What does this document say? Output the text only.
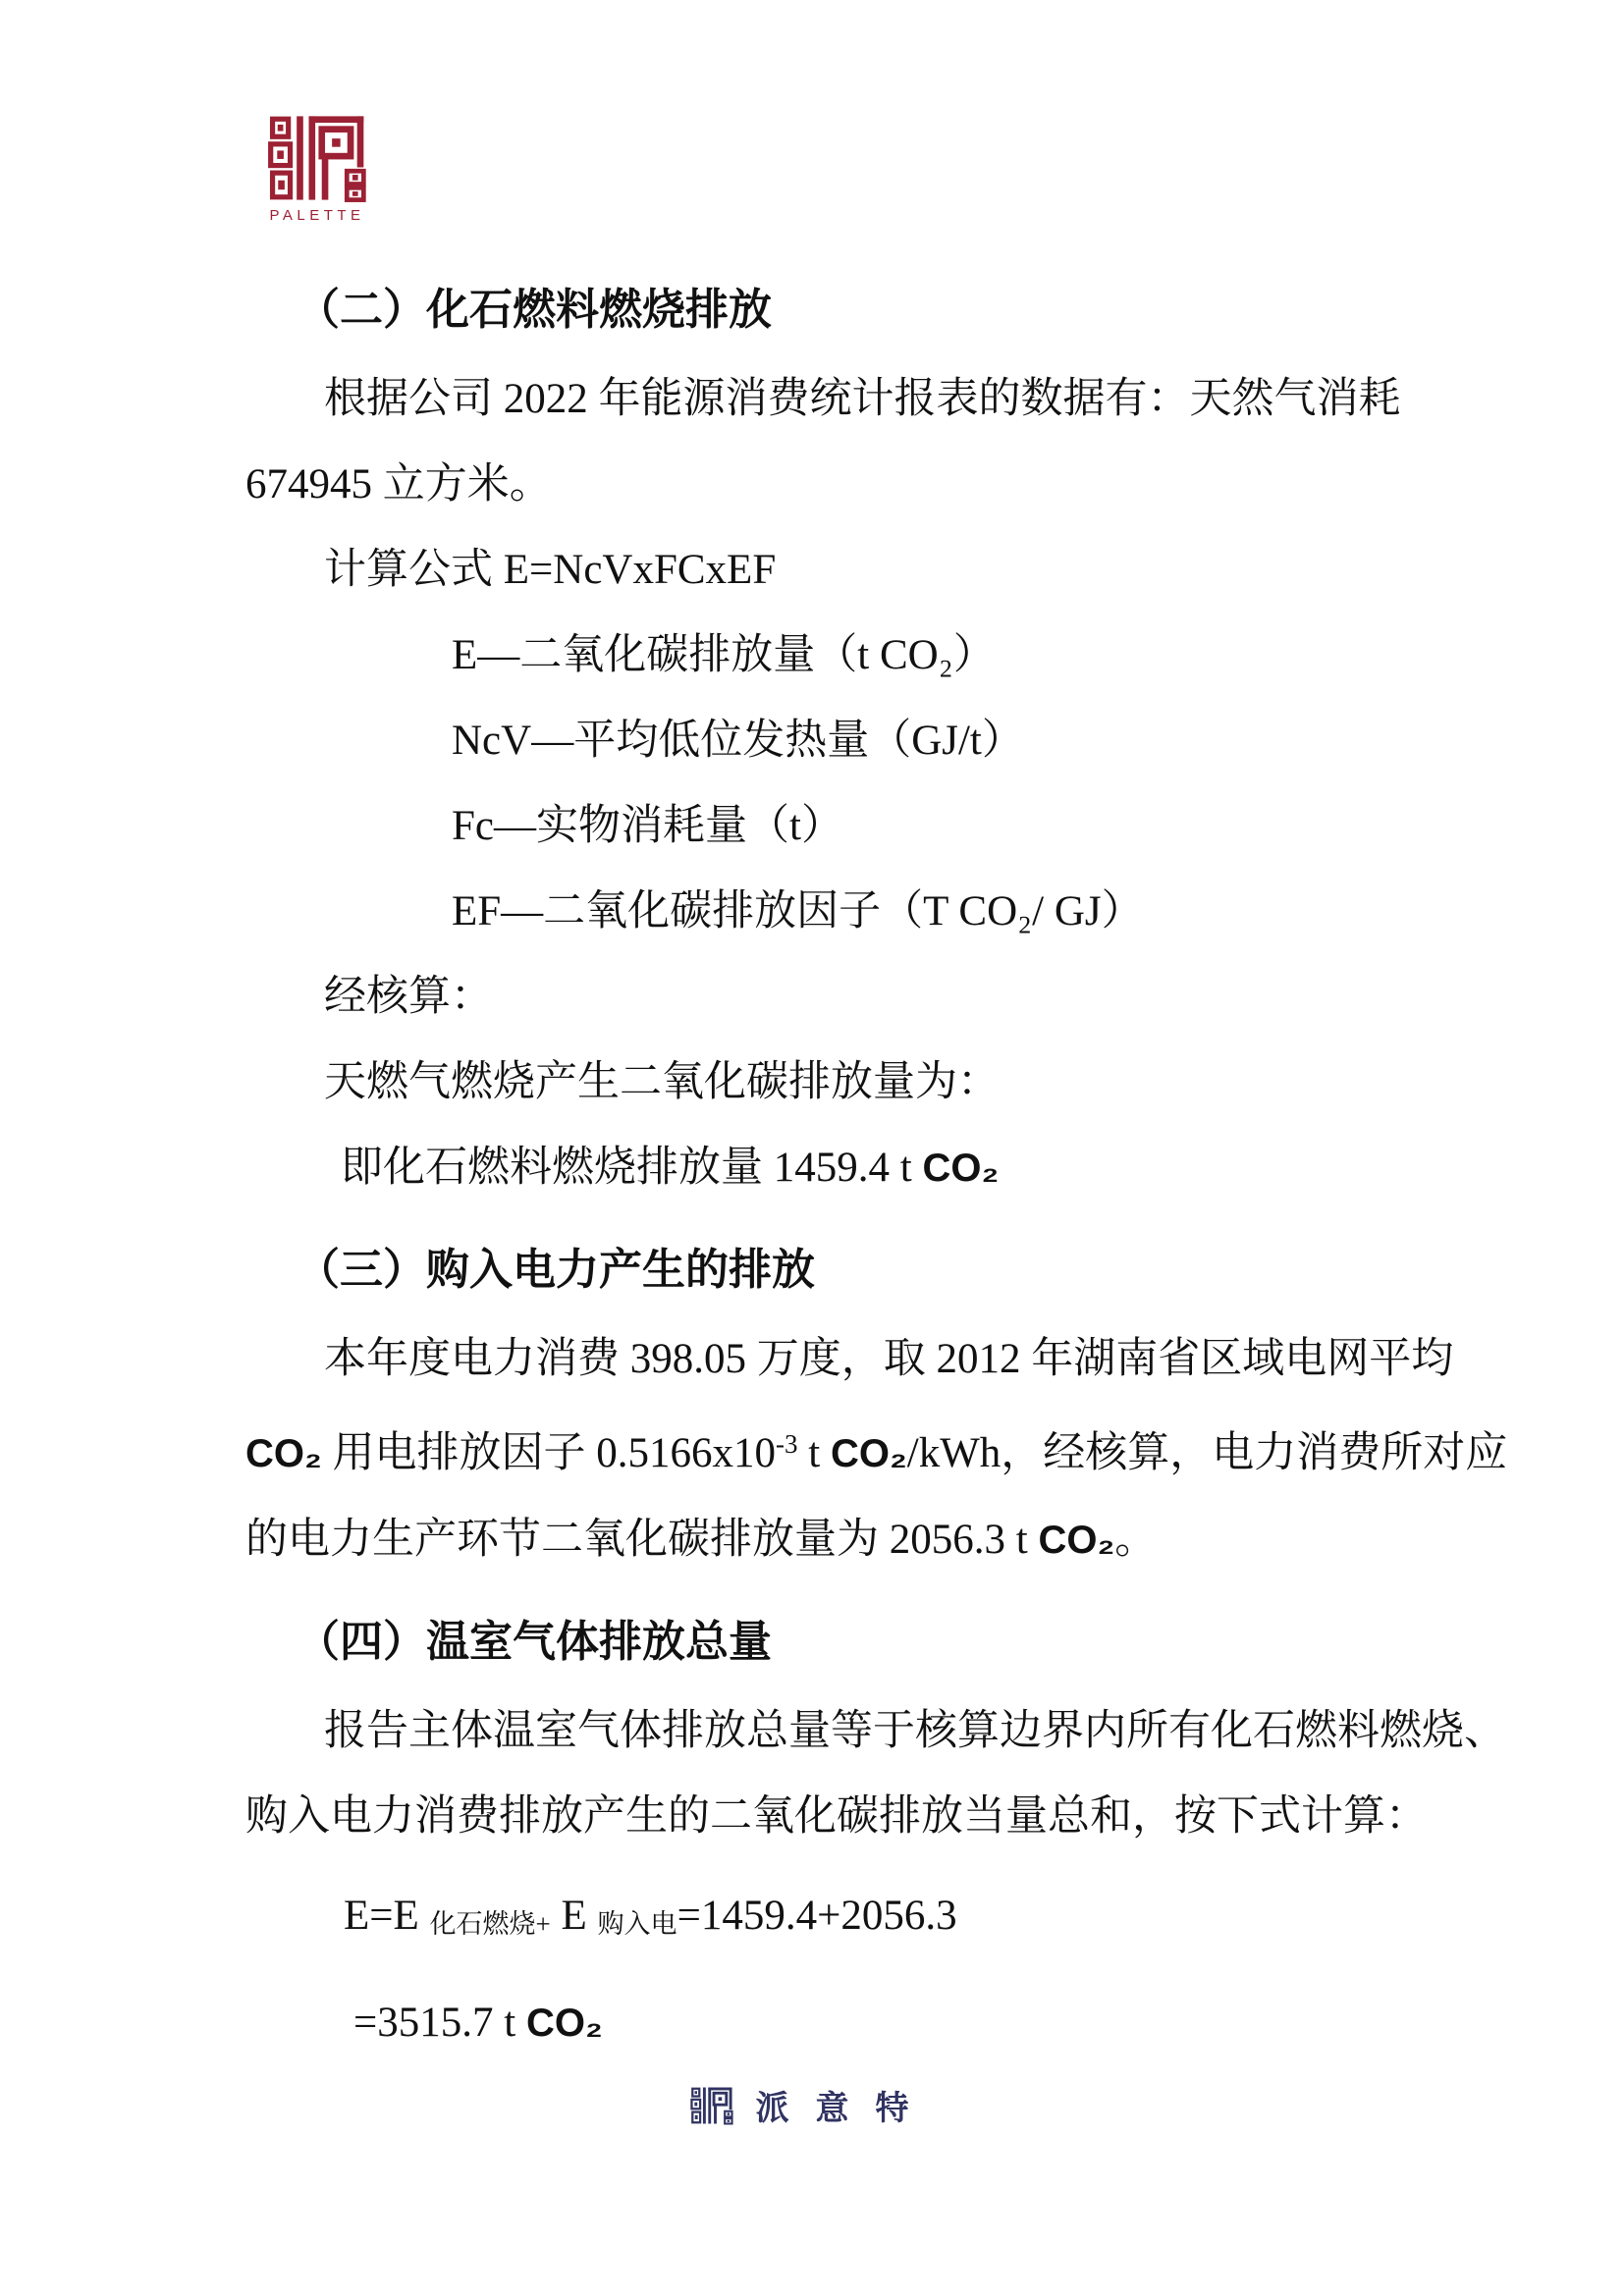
PALETTE
（二）化石燃料燃烧排放
根据公司 2022 年能源消费统计报表的数据有：天然气消耗
674945 立方米。
计算公式 E=NcVxFCxEF
E—二氧化碳排放量（t CO₂）
NcV—平均低位发热量（GJ/t）
Fc—实物消耗量（t）
EF—二氧化碳排放因子（T CO₂/ GJ）
经核算：
天燃气燃烧产生二氧化碳排放量为：
即化石燃料燃烧排放量 1459.4 t CO₂
（三）购入电力产生的排放
本年度电力消费 398.05 万度，取 2012 年湖南省区域电网平均
CO₂ 用电排放因子 $0.5166x10^{-3}$ t CO₂/kWh，经核算，电力消费所对应
的电力生产环节二氧化碳排放量为 2056.3 t CO₂。
（四）温室气体排放总量
报告主体温室气体排放总量等于核算边界内所有化石燃料燃烧、
购入电力消费排放产生的二氧化碳排放当量总和，按下式计算：
E=E 化石燃烧+ E 购入电=1459.4+2056.3
=3515.7 t CO₂
派意特
